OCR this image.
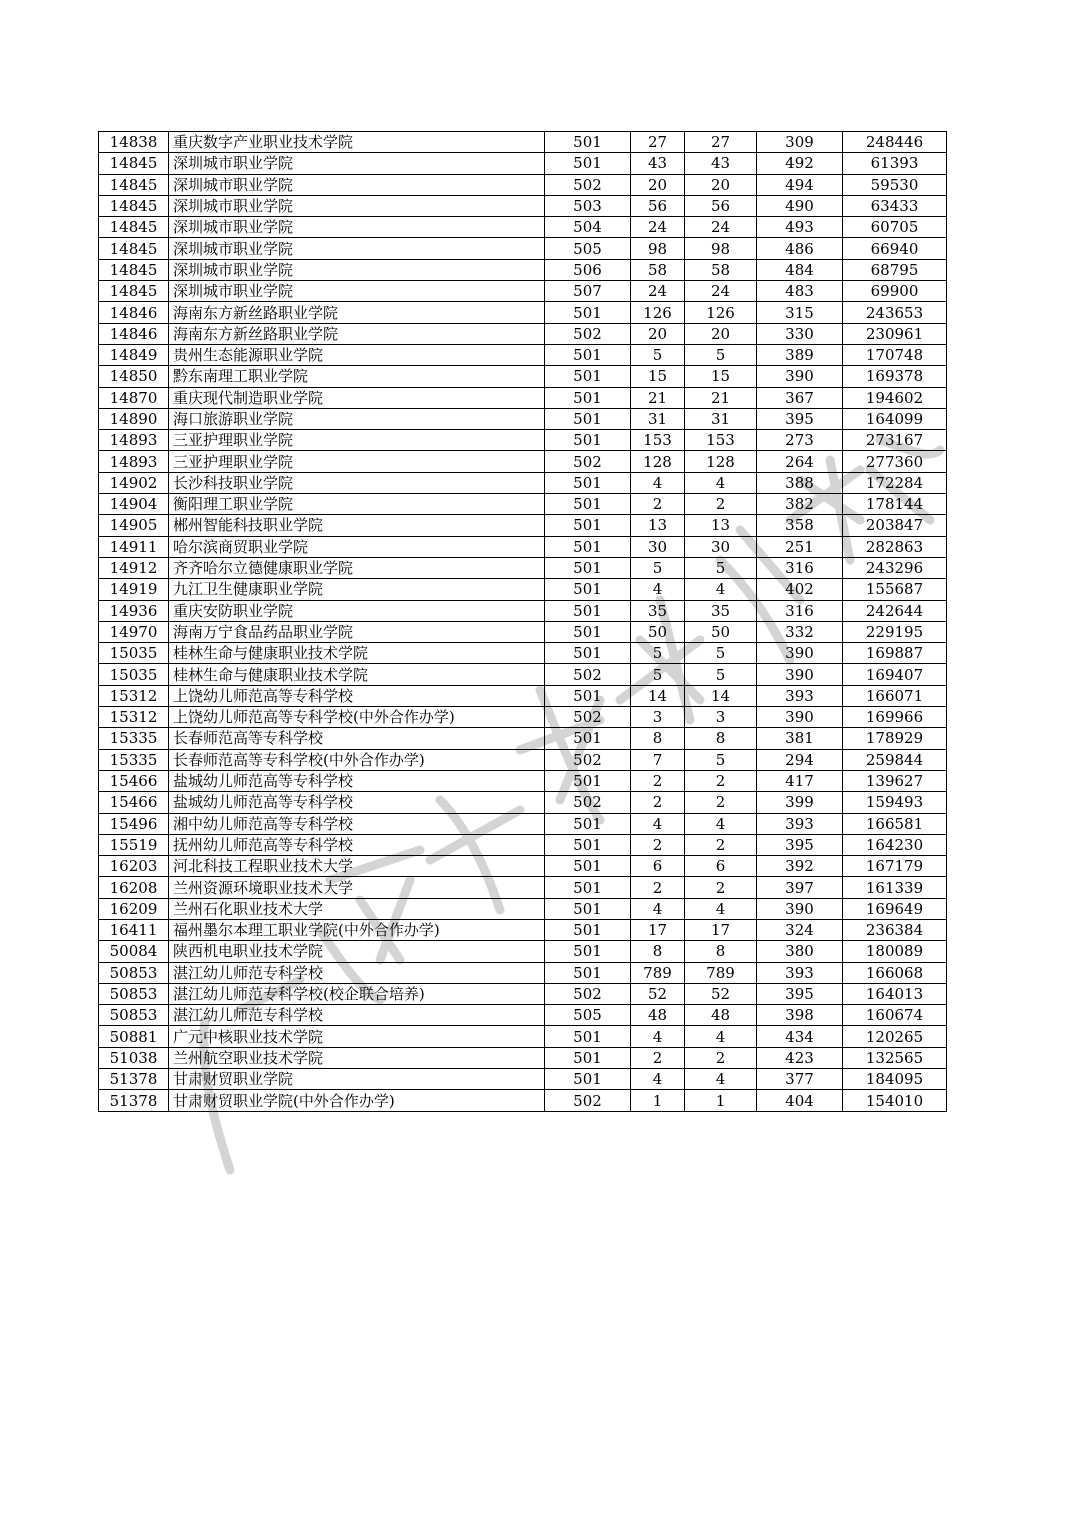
14838	重庆数字产业职业技术学院	501	27	27	309	248446
14845	深圳城市职业学院	501	43	43	492	61393
14845	深圳城市职业学院	502	20	20	494	59530
14845	深圳城市职业学院	503	56	56	490	63433
14845	深圳城市职业学院	504	24	24	493	60705
14845	深圳城市职业学院	505	98	98	486	66940
14845	深圳城市职业学院	506	58	58	484	68795
14845	深圳城市职业学院	507	24	24	483	69900
14846	海南东方新丝路职业学院	501	126	126	315	243653
14846	海南东方新丝路职业学院	502	20	20	330	230961
14849	贵州生态能源职业学院	501	5	5	389	170748
14850	黔东南理工职业学院	501	15	15	390	169378
14870	重庆现代制造职业学院	501	21	21	367	194602
14890	海口旅游职业学院	501	31	31	395	164099
14893	三亚护理职业学院	501	153	153	273	273167
14893	三亚护理职业学院	502	128	128	264	277360
14902	长沙科技职业学院	501	4	4	388	172284
14904	衡阳理工职业学院	501	2	2	382	178144
14905	郴州智能科技职业学院	501	13	13	358	203847
14911	哈尔滨商贸职业学院	501	30	30	251	282863
14912	齐齐哈尔立德健康职业学院	501	5	5	316	243296
14919	九江卫生健康职业学院	501	4	4	402	155687
14936	重庆安防职业学院	501	35	35	316	242644
14970	海南万宁食品药品职业学院	501	50	50	332	229195
15035	桂林生命与健康职业技术学院	501	5	5	390	169887
15035	桂林生命与健康职业技术学院	502	5	5	390	169407
15312	上饶幼儿师范高等专科学校	501	14	14	393	166071
15312	上饶幼儿师范高等专科学校(中外合作办学)	502	3	3	390	169966
15335	长春师范高等专科学校	501	8	8	381	178929
15335	长春师范高等专科学校(中外合作办学)	502	7	5	294	259844
15466	盐城幼儿师范高等专科学校	501	2	2	417	139627
15466	盐城幼儿师范高等专科学校	502	2	2	399	159493
15496	湘中幼儿师范高等专科学校	501	4	4	393	166581
15519	抚州幼儿师范高等专科学校	501	2	2	395	164230
16203	河北科技工程职业技术大学	501	6	6	392	167179
16208	兰州资源环境职业技术大学	501	2	2	397	161339
16209	兰州石化职业技术大学	501	4	4	390	169649
16411	福州墨尔本理工职业学院(中外合作办学)	501	17	17	324	236384
50084	陕西机电职业技术学院	501	8	8	380	180089
50853	湛江幼儿师范专科学校	501	789	789	393	166068
50853	湛江幼儿师范专科学校(校企联合培养)	502	52	52	395	164013
50853	湛江幼儿师范专科学校	505	48	48	398	160674
50881	广元中核职业技术学院	501	4	4	434	120265
51038	兰州航空职业技术学院	501	2	2	423	132565
51378	甘肃财贸职业学院	501	4	4	377	184095
51378	甘肃财贸职业学院(中外合作办学)	502	1	1	404	154010
